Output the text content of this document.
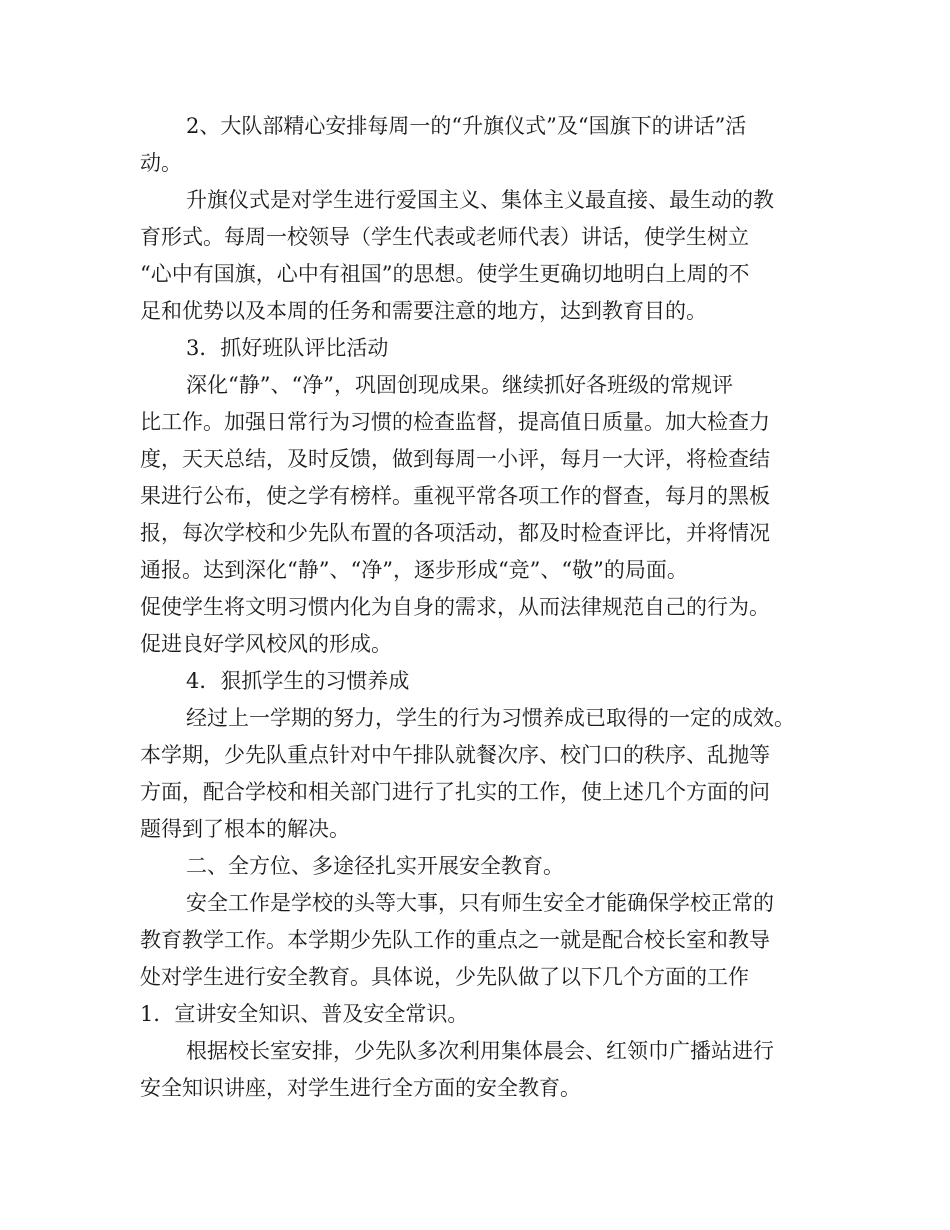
2、大队部精心安排每周一的“升旗仪式”及“国旗下的讲话”活

动。

升旗仪式是对学生进行爱国主义、集体主义最直接、最生动的教

育形式。每周一校领导（学生代表或老师代表）讲话，使学生树立

“心中有国旗，心中有祖国”的思想。使学生更确切地明白上周的不

足和优势以及本周的任务和需要注意的地方，达到教育目的。

3．抓好班队评比活动

深化“静”、“净”，巩固创现成果。继续抓好各班级的常规评

比工作。加强日常行为习惯的检查监督，提高值日质量。加大检查力

度，天天总结，及时反馈，做到每周一小评，每月一大评，将检查结

果进行公布，使之学有榜样。重视平常各项工作的督查，每月的黑板

报，每次学校和少先队布置的各项活动，都及时检查评比，并将情况

通报。达到深化“静”、“净”，逐步形成“竞”、“敬”的局面。

促使学生将文明习惯内化为自身的需求，从而法律规范自己的行为。

促进良好学风校风的形成。

4．狠抓学生的习惯养成

经过上一学期的努力，学生的行为习惯养成已取得的一定的成效。

本学期，少先队重点针对中午排队就餐次序、校门口的秩序、乱抛等

方面，配合学校和相关部门进行了扎实的工作，使上述几个方面的问

题得到了根本的解决。

二、全方位、多途径扎实开展安全教育。

安全工作是学校的头等大事，只有师生安全才能确保学校正常的

教育教学工作。本学期少先队工作的重点之一就是配合校长室和教导

处对学生进行安全教育。具体说，少先队做了以下几个方面的工作

1．宣讲安全知识、普及安全常识。

根据校长室安排，少先队多次利用集体晨会、红领巾广播站进行

安全知识讲座，对学生进行全方面的安全教育。
